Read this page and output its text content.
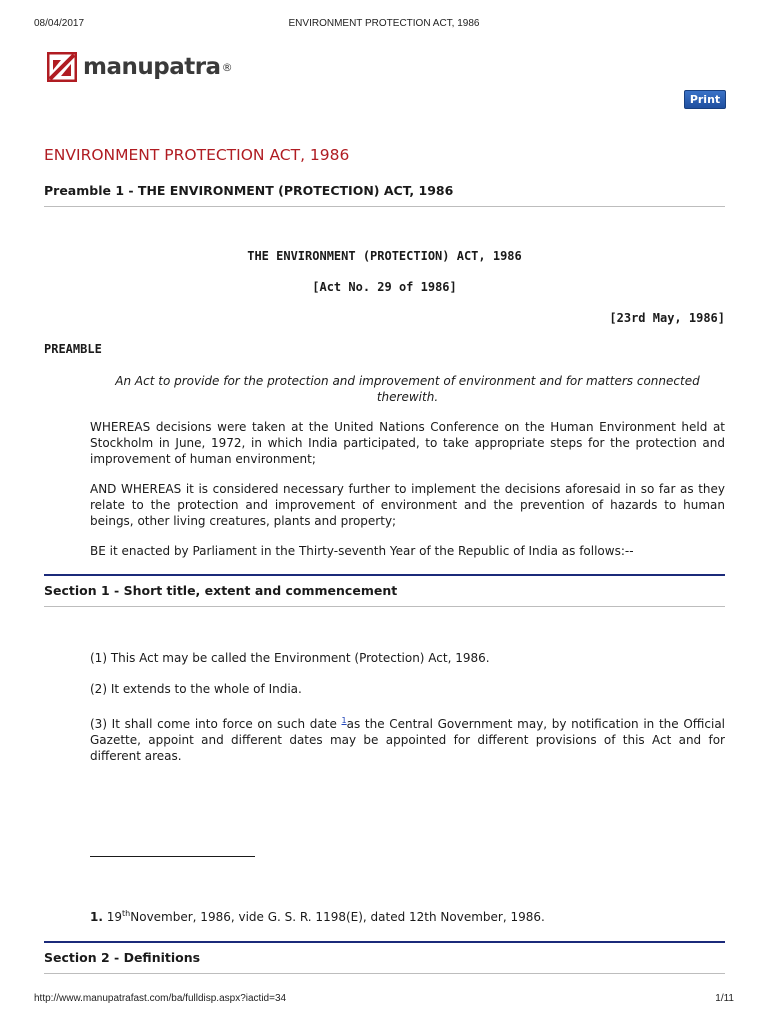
08/04/2017	ENVIRONMENT PROTECTION ACT, 1986
manupatra ®
Print
ENVIRONMENT PROTECTION ACT, 1986
Preamble 1 - THE ENVIRONMENT (PROTECTION) ACT, 1986
THE ENVIRONMENT (PROTECTION) ACT, 1986
[Act No. 29 of 1986]
[23rd May, 1986]
PREAMBLE
An Act to provide for the protection and improvement of environment and for matters connected therewith.
WHEREAS decisions were taken at the United Nations Conference on the Human Environment held at Stockholm in June, 1972, in which India participated, to take appropriate steps for the protection and improvement of human environment;
AND WHEREAS it is considered necessary further to implement the decisions aforesaid in so far as they relate to the protection and improvement of environment and the prevention of hazards to human beings, other living creatures, plants and property;
BE it enacted by Parliament in the Thirty-seventh Year of the Republic of India as follows:--
Section 1 - Short title, extent and commencement
(1) This Act may be called the Environment (Protection) Act, 1986.
(2) It extends to the whole of India.
(3) It shall come into force on such date $^1$as the Central Government may, by notification in the Official Gazette, appoint and different dates may be appointed for different provisions of this Act and for different areas.
1. 19thNovember, 1986, vide G. S. R. 1198(E), dated 12th November, 1986.
Section 2 - Definitions
http://www.manupatrafast.com/ba/fulldisp.aspx?iactid=34	1/11
